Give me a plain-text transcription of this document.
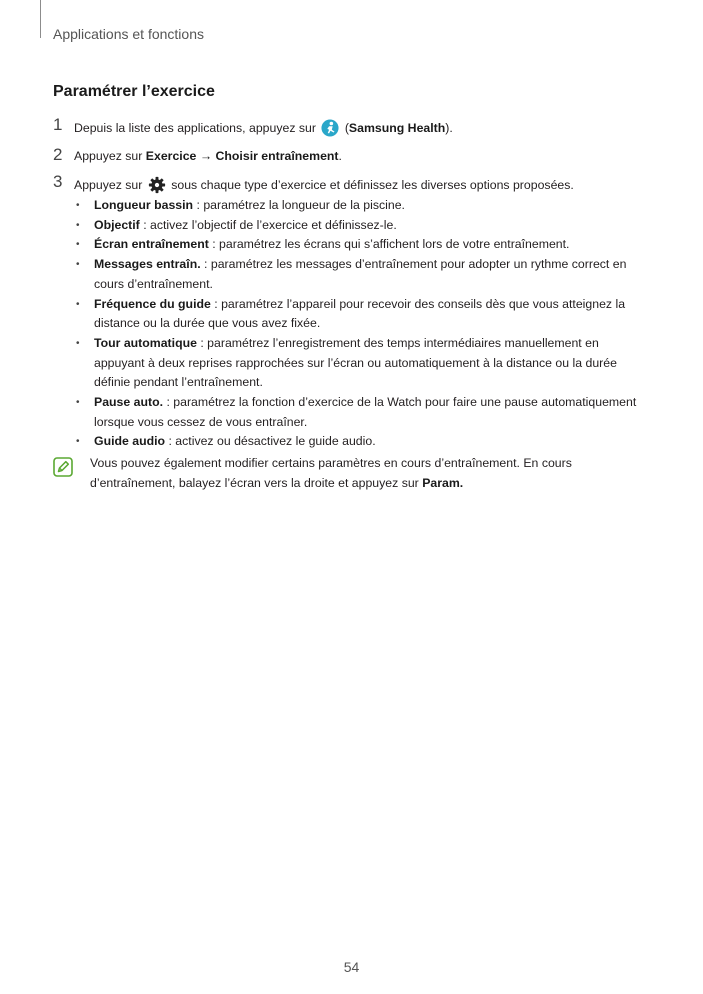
Applications et fonctions
Paramétrer l’exercice
1 Depuis la liste des applications, appuyez sur  (Samsung Health).
2 Appuyez sur Exercice → Choisir entraînement.
3 Appuyez sur sous chaque type d’exercice et définissez les diverses options proposées.
• Longueur bassin : paramétrez la longueur de la piscine.
• Objectif : activez l’objectif de l’exercice et définissez-le.
• Écran entraînement : paramétrez les écrans qui s’affichent lors de votre entraînement.
• Messages entraîn. : paramétrez les messages d’entraînement pour adopter un rythme correct en cours d’entraînement.
• Fréquence du guide : paramétrez l’appareil pour recevoir des conseils dès que vous atteignez la distance ou la durée que vous avez fixée.
• Tour automatique : paramétrez l’enregistrement des temps intermédiaires manuellement en appuyant à deux reprises rapprochées sur l’écran ou automatiquement à la distance ou la durée définie pendant l’entraînement.
• Pause auto. : paramétrez la fonction d’exercice de la Watch pour faire une pause automatiquement lorsque vous cessez de vous entraîner.
• Guide audio : activez ou désactivez le guide audio.
Vous pouvez également modifier certains paramètres en cours d’entraînement. En cours d’entraînement, balayez l’écran vers la droite et appuyez sur Param.
54
